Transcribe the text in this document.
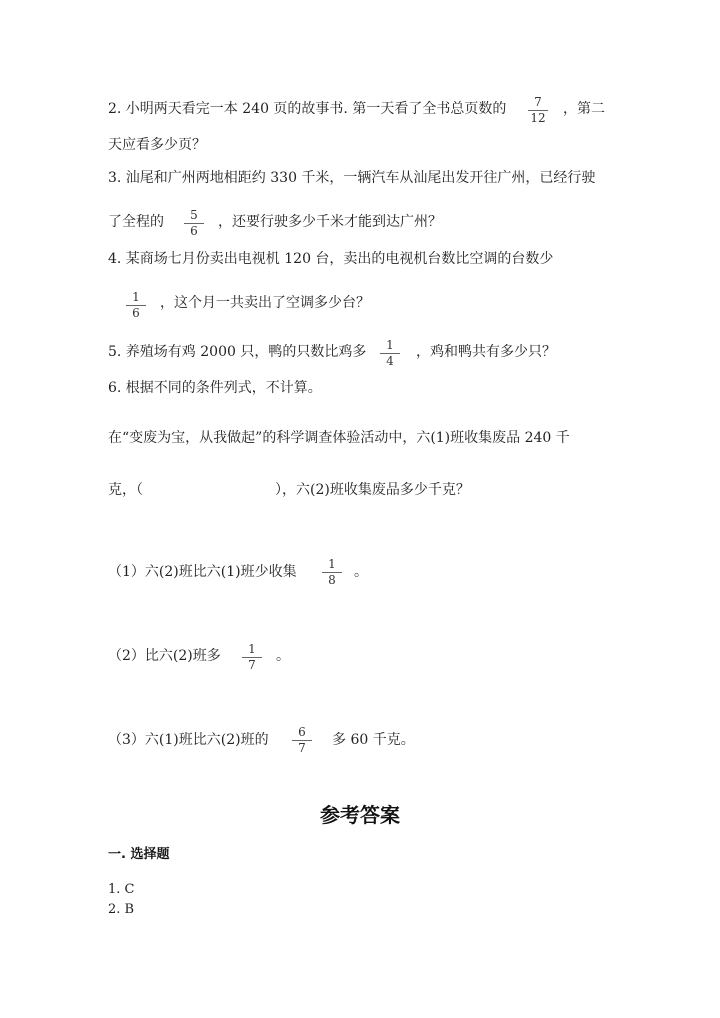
2. 小明两天看完一本 240 页的故事书. 第一天看了全书总页数的	7
12
，第二
天应看多少页？
3. 汕尾和广州两地相距约 330 千米，一辆汽车从汕尾出发开往广州，已经行驶
了全程的	5
6
，还要行驶多少千米才能到达广州？
4. 某商场七月份卖出电视机 120 台，卖出的电视机台数比空调的台数少
1
6
，这个月一共卖出了空调多少台？
5. 养殖场有鸡 2000 只，鸭的只数比鸡多	1
4
，鸡和鸭共有多少只？
6. 根据不同的条件列式，不计算。
在“变废为宝，从我做起”的科学调查体验活动中，六(1)班收集废品 240 千
克，（	），六(2)班收集废品多少千克？
（1）六(2)班比六(1)班少收集	1
8	。
（2）比六(2)班多	1
7
。
（3）六(1)班比六(2)班的	6
7	多 60 千克。
参考答案
一. 选择题
1. C
2. B
